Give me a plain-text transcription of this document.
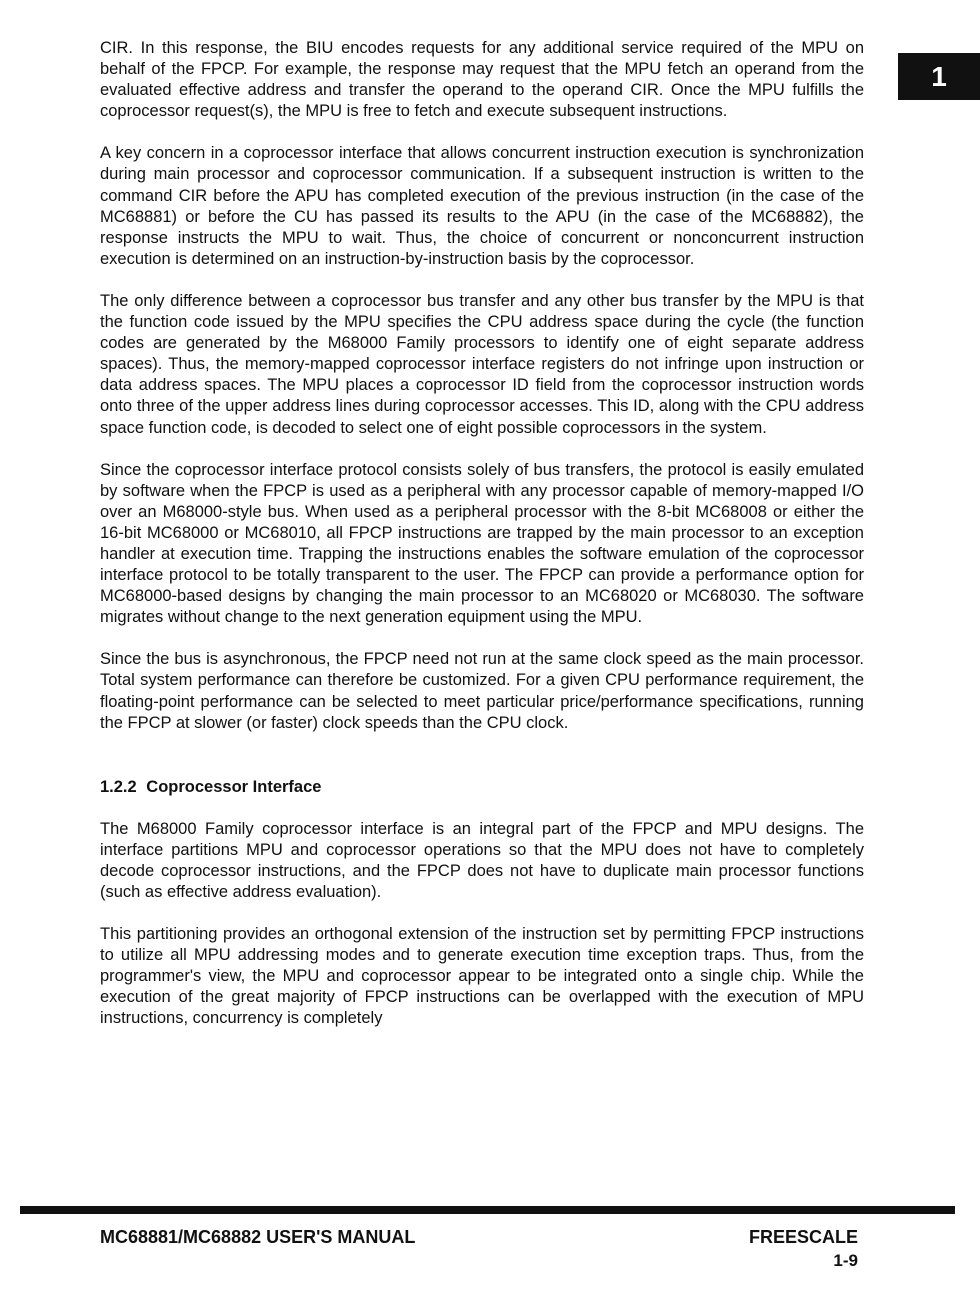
1

CIR. In this response, the BIU encodes requests for any additional service required of the MPU on behalf of the FPCP. For example, the response may request that the MPU fetch an operand from the evaluated effective address and transfer the operand to the operand CIR. Once the MPU fulfills the coprocessor request(s), the MPU is free to fetch and execute subsequent instructions.

A key concern in a coprocessor interface that allows concurrent instruction execution is synchronization during main processor and coprocessor communication. If a subsequent instruction is written to the command CIR before the APU has completed execution of the previous instruction (in the case of the MC68881) or before the CU has passed its results to the APU (in the case of the MC68882), the response instructs the MPU to wait. Thus, the choice of concurrent or nonconcurrent instruction execution is determined on an instruction-by-instruction basis by the coprocessor.

The only difference between a coprocessor bus transfer and any other bus transfer by the MPU is that the function code issued by the MPU specifies the CPU address space during the cycle (the function codes are generated by the M68000 Family processors to identify one of eight separate address spaces). Thus, the memory-mapped coprocessor interface registers do not infringe upon instruction or data address spaces. The MPU places a coprocessor ID field from the coprocessor instruction words onto three of the upper address lines during coprocessor accesses. This ID, along with the CPU address space function code, is decoded to select one of eight possible coprocessors in the system.

Since the coprocessor interface protocol consists solely of bus transfers, the protocol is easily emulated by software when the FPCP is used as a peripheral with any processor capable of memory-mapped I/O over an M68000-style bus. When used as a peripheral processor with the 8-bit MC68008 or either the 16-bit MC68000 or MC68010, all FPCP instructions are trapped by the main processor to an exception handler at execution time. Trapping the instructions enables the software emulation of the coprocessor interface protocol to be totally transparent to the user. The FPCP can provide a performance option for MC68000-based designs by changing the main processor to an MC68020 or MC68030. The software migrates without change to the next generation equipment using the MPU.

Since the bus is asynchronous, the FPCP need not run at the same clock speed as the main processor. Total system performance can therefore be customized. For a given CPU performance requirement, the floating-point performance can be selected to meet particular price/performance specifications, running the FPCP at slower (or faster) clock speeds than the CPU clock.

1.2.2 Coprocessor Interface

The M68000 Family coprocessor interface is an integral part of the FPCP and MPU designs. The interface partitions MPU and coprocessor operations so that the MPU does not have to completely decode coprocessor instructions, and the FPCP does not have to duplicate main processor functions (such as effective address evaluation).

This partitioning provides an orthogonal extension of the instruction set by permitting FPCP instructions to utilize all MPU addressing modes and to generate execution time exception traps. Thus, from the programmer's view, the MPU and coprocessor appear to be integrated onto a single chip. While the execution of the great majority of FPCP instructions can be overlapped with the execution of MPU instructions, concurrency is completely

MC68881/MC68882 USER'S MANUAL	FREESCALE
1-9
